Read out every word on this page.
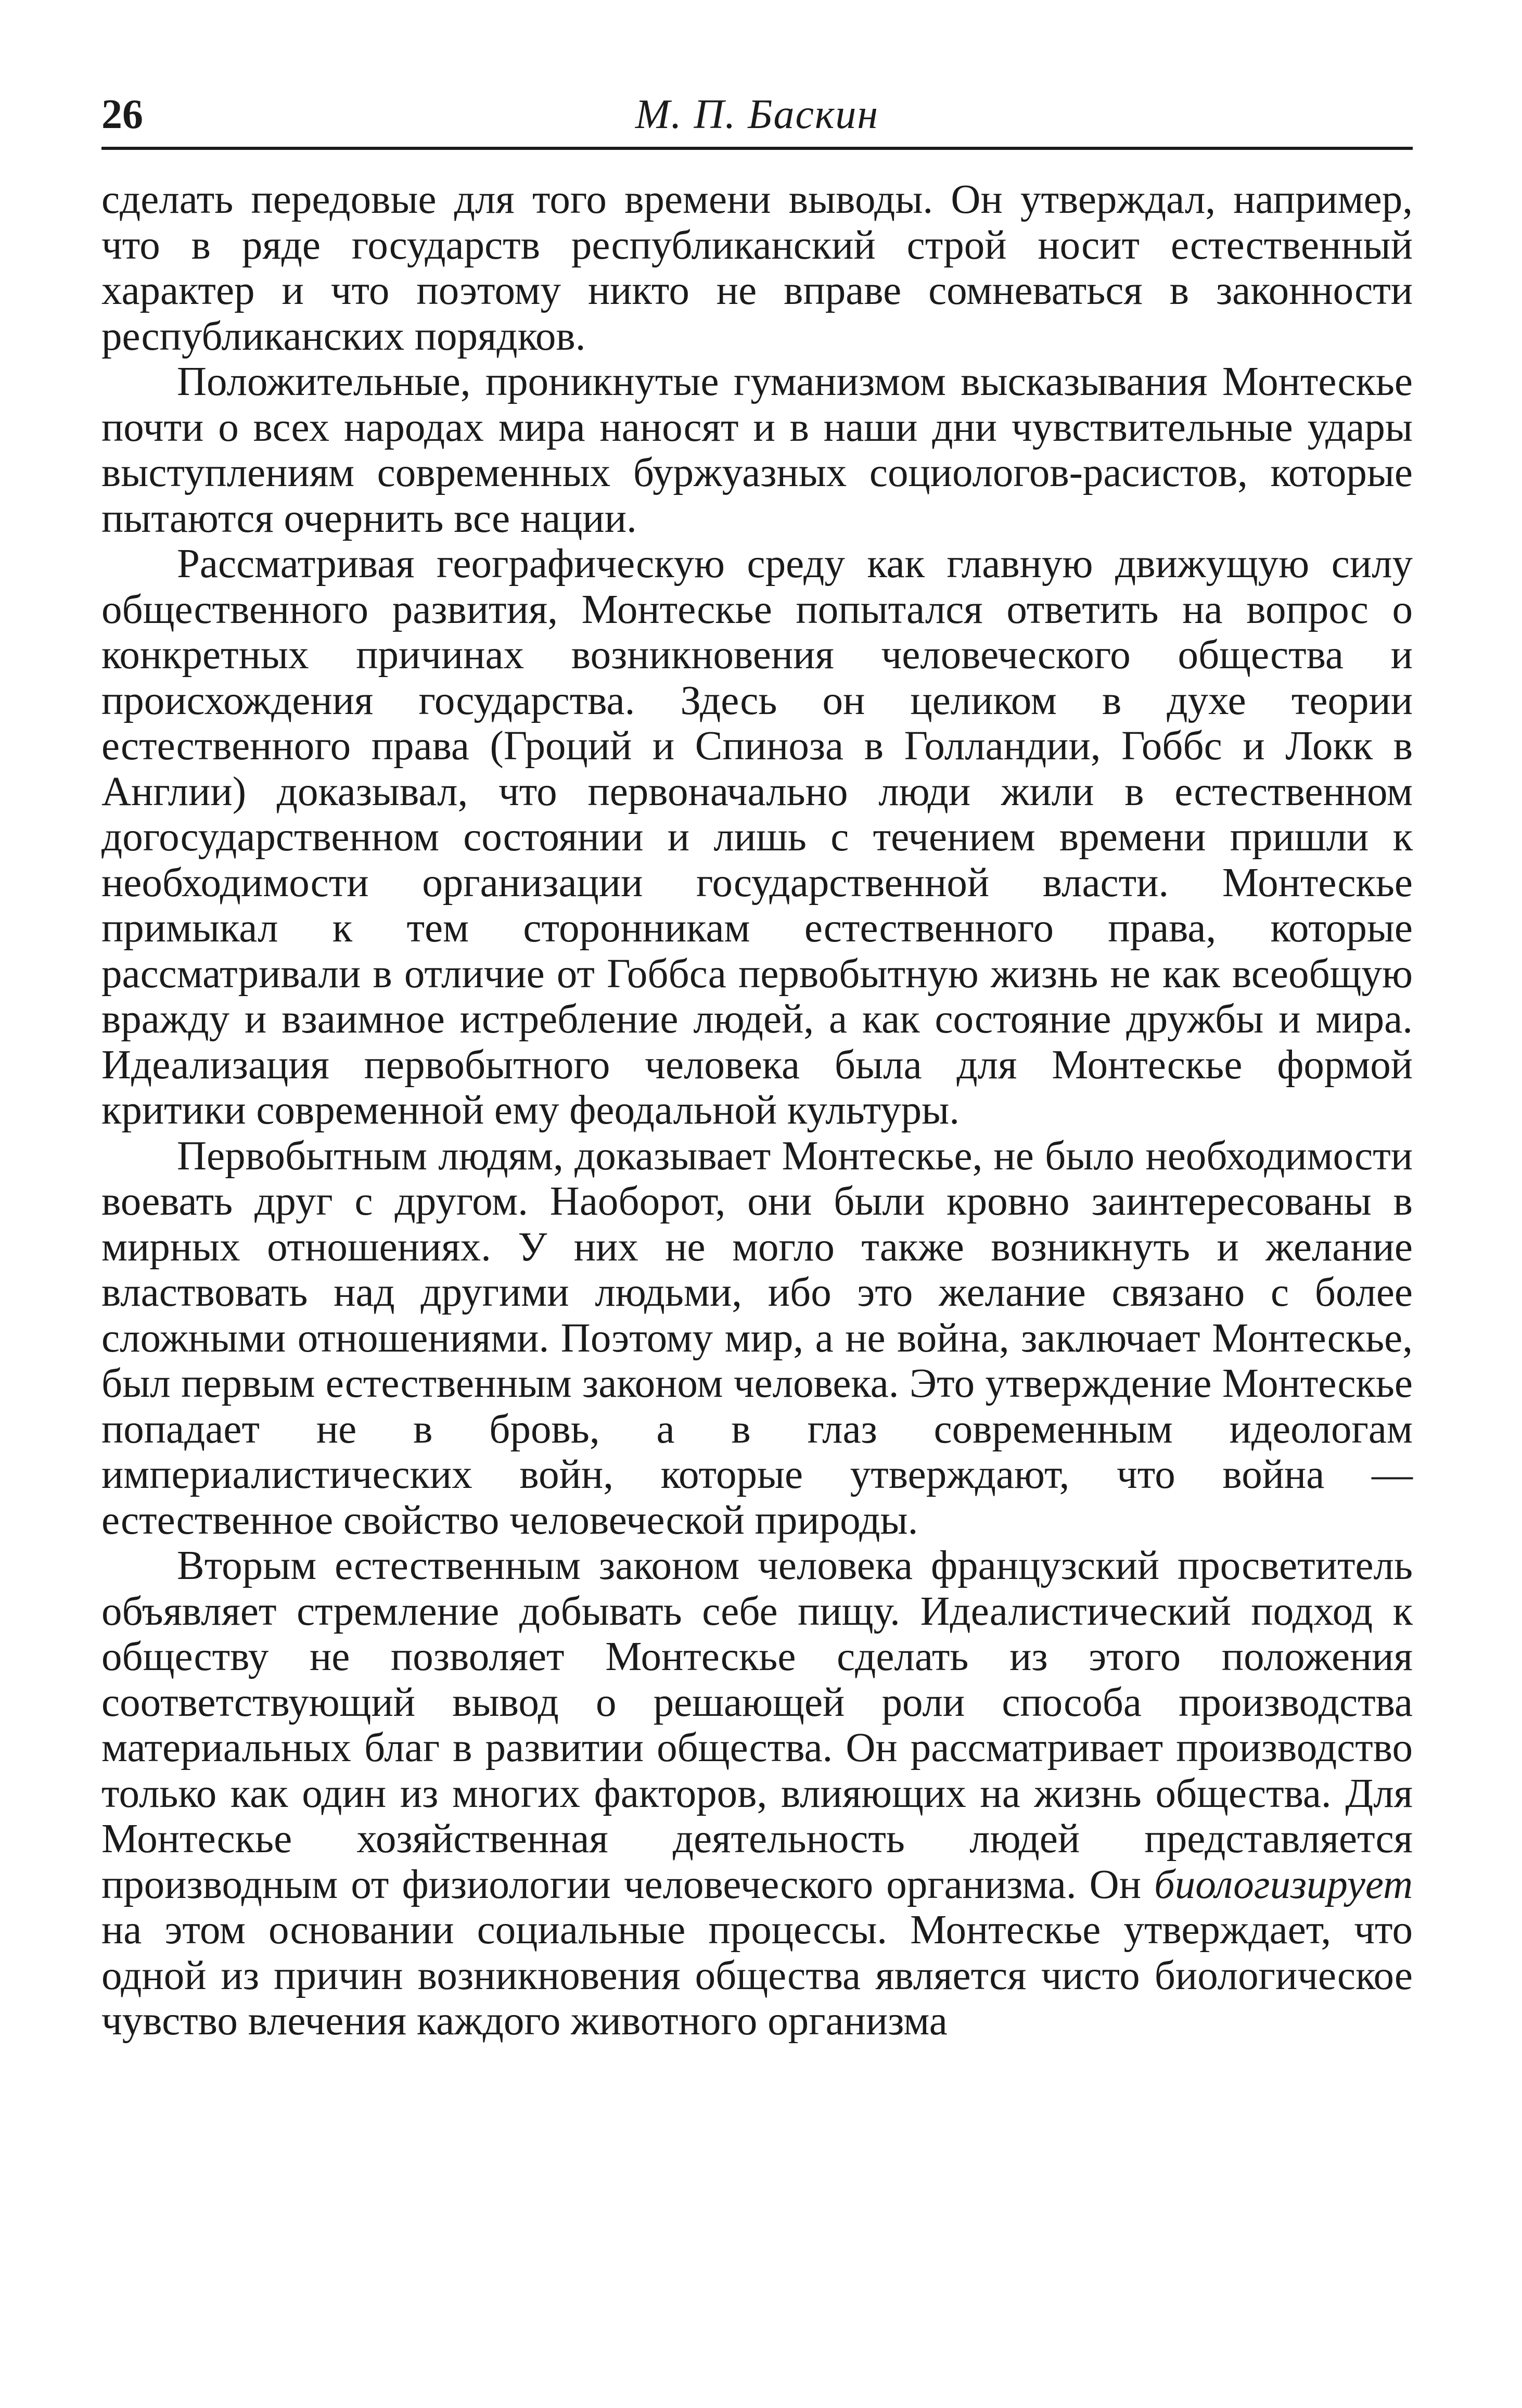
26	М. П. Баскин

сделать передовые для того времени выводы. Он утверждал, например, что в ряде государств республиканский строй носит естественный характер и что поэтому никто не вправе сомневаться в законности республиканских порядков.

Положительные, проникнутые гуманизмом высказывания Монтескье почти о всех народах мира наносят и в наши дни чувствительные удары выступлениям современных буржуазных социологов-расистов, которые пытаются очернить все нации.

Рассматривая географическую среду как главную движущую силу общественного развития, Монтескье попытался ответить на вопрос о конкретных причинах возникновения человеческого общества и происхождения государства. Здесь он целиком в духе теории естественного права (Гроций и Спиноза в Голландии, Гоббс и Локк в Англии) доказывал, что первоначально люди жили в естественном догосударственном состоянии и лишь с течением времени пришли к необходимости организации государственной власти. Монтескье примыкал к тем сторонникам естественного права, которые рассматривали в отличие от Гоббса первобытную жизнь не как всеобщую вражду и взаимное истребление людей, а как состояние дружбы и мира. Идеализация первобытного человека была для Монтескье формой критики современной ему феодальной культуры.

Первобытным людям, доказывает Монтескье, не было необходимости воевать друг с другом. Наоборот, они были кровно заинтересованы в мирных отношениях. У них не могло также возникнуть и желание властвовать над другими людьми, ибо это желание связано с более сложными отношениями. Поэтому мир, а не война, заключает Монтескье, был первым естественным законом человека. Это утверждение Монтескье попадает не в бровь, а в глаз современным идеологам империалистических войн, которые утверждают, что война — естественное свойство человеческой природы.

Вторым естественным законом человека французский просветитель объявляет стремление добывать себе пищу. Идеалистический подход к обществу не позволяет Монтескье сделать из этого положения соответствующий вывод о решающей роли способа производства материальных благ в развитии общества. Он рассматривает производство только как один из многих факторов, влияющих на жизнь общества. Для Монтескье хозяйственная деятельность людей представляется производным от физиологии человеческого организма. Он биологизирует на этом основании социальные процессы. Монтескье утверждает, что одной из причин возникновения общества является чисто биологическое чувство влечения каждого животного организма
